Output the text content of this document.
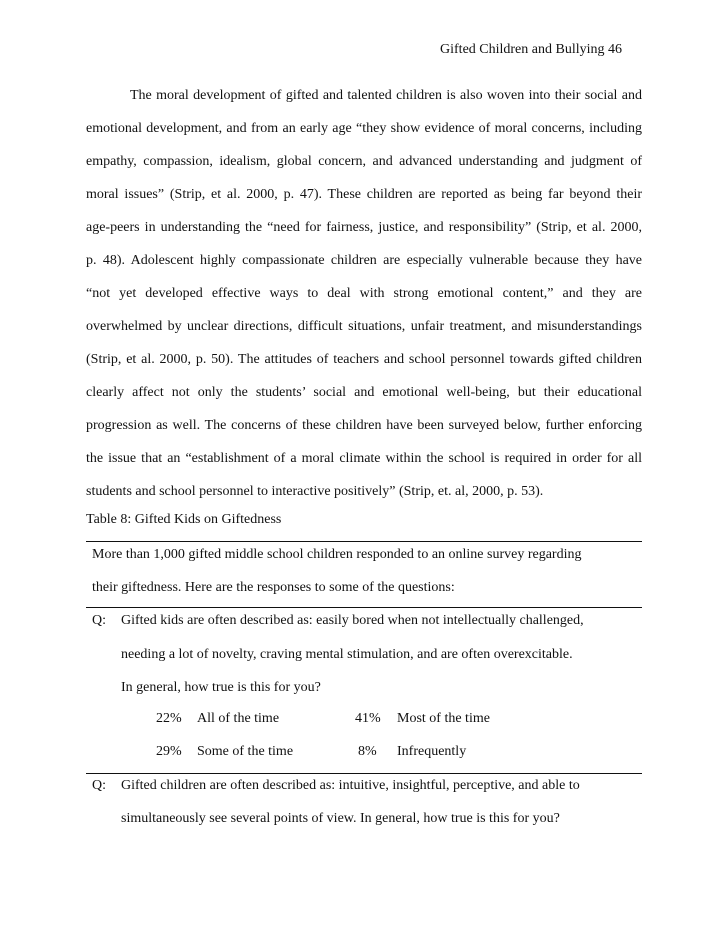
Gifted Children and Bullying 46
The moral development of gifted and talented children is also woven into their social and
emotional development, and from an early age “they show evidence of moral concerns, including
empathy, compassion, idealism, global concern, and advanced understanding and judgment of
moral issues” (Strip, et al. 2000, p. 47). These children are reported as being far beyond their
age-peers in understanding the “need for fairness, justice, and responsibility” (Strip, et al. 2000,
p. 48). Adolescent highly compassionate children are especially vulnerable because they have
“not yet developed effective ways to deal with strong emotional content,” and they are
overwhelmed by unclear directions, difficult situations, unfair treatment, and misunderstandings
(Strip, et al. 2000, p. 50). The attitudes of teachers and school personnel towards gifted children
clearly affect not only the students’ social and emotional well-being, but their educational
progression as well. The concerns of these children have been surveyed below, further enforcing
the issue that an “establishment of a moral climate within the school is required in order for all
students and school personnel to interactive positively” (Strip, et. al, 2000, p. 53).
Table 8: Gifted Kids on Giftedness
More than 1,000 gifted middle school children responded to an online survey regarding
their giftedness. Here are the responses to some of the questions:
Q: Gifted kids are often described as: easily bored when not intellectually challenged,
needing a lot of novelty, craving mental stimulation, and are often overexcitable.
In general, how true is this for you?
22% All of the time	41% Most of the time
29% Some of the time	8% Infrequently
Q: Gifted children are often described as: intuitive, insightful, perceptive, and able to
simultaneously see several points of view. In general, how true is this for you?
